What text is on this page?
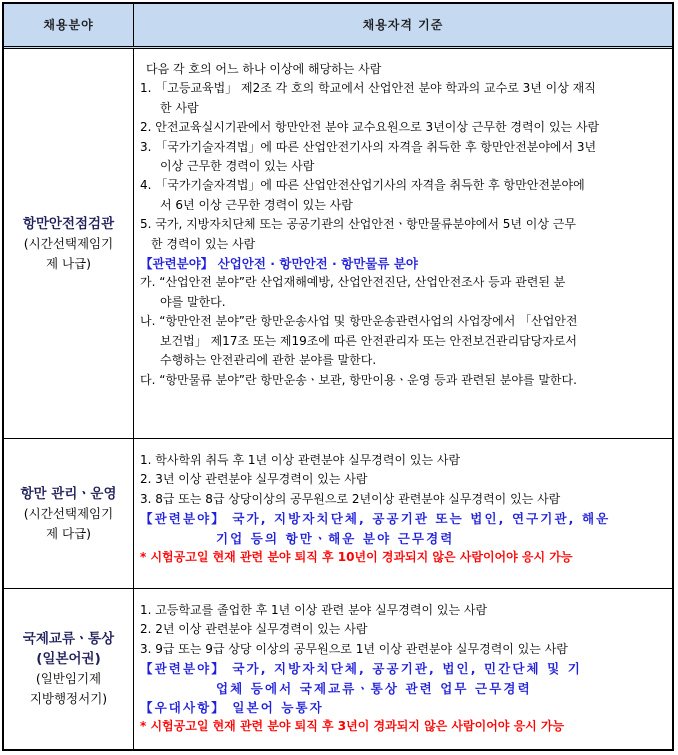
채용분야	채용자격 기준
항만안전점검관
(시간선택제임기
제 나급)
다음 각 호의 어느 하나 이상에 해당하는 사람
1. 「고등교육법」 제2조 각 호의 학교에서 산업안전 분야 학과의 교수로 3년 이상 재직
한 사람
2. 안전교육실시기관에서 항만안전 분야 교수요원으로 3년이상 근무한 경력이 있는 사람
3. 「국가기술자격법」에 따른 산업안전기사의 자격을 취득한 후 항만안전분야에서 3년
이상 근무한 경력이 있는 사람
4. 「국가기술자격법」에 따른 산업안전산업기사의 자격을 취득한 후 항만안전분야에
서 6년 이상 근무한 경력이 있는 사람
5. 국가, 지방자치단체 또는 공공기관의 산업안전ㆍ항만물류분야에서 5년 이상 근무
한 경력이 있는 사람
【관련분야】 산업안전 · 항만안전 · 항만물류 분야
가. “산업안전 분야”란 산업재해예방, 산업안전진단, 산업안전조사 등과 관련된 분
야를 말한다.
나. “항만안전 분야”란 항만운송사업 및 항만운송관련사업의 사업장에서 「산업안전
보건법」 제17조 또는 제19조에 따른 안전관리자 또는 안전보건관리담당자로서
수행하는 안전관리에 관한 분야를 말한다.
다. “항만물류 분야”란 항만운송ㆍ보관, 항만이용ㆍ운영 등과 관련된 분야를 말한다.
항만 관리ㆍ운영
(시간선택제임기
제 다급)
1. 학사학위 취득 후 1년 이상 관련분야 실무경력이 있는 사람
2. 3년 이상 관련분야 실무경력이 있는 사람
3. 8급 또는 8급 상당이상의 공무원으로 2년이상 관련분야 실무경력이 있는 사람
【관련분야】 국가, 지방자치단체, 공공기관 또는 법인, 연구기관, 해운
기업 등의 항만ㆍ해운 분야 근무경력
* 시험공고일 현재 관련 분야 퇴직 후 10년이 경과되지 않은 사람이어야 응시 가능
국제교류ㆍ통상
(일본어권)
(일반임기제
지방행정서기)
1. 고등학교를 졸업한 후 1년 이상 관련 분야 실무경력이 있는 사람
2. 2년 이상 관련분야 실무경력이 있는 사람
3. 9급 또는 9급 상당 이상의 공무원으로 1년 이상 관련분야 실무경력이 있는 사람
【관련분야】 국가, 지방자치단체, 공공기관, 법인, 민간단체 및 기
업체 등에서 국제교류ㆍ통상 관련 업무 근무경력
【우대사항】 일본어 능통자
* 시험공고일 현재 관련 분야 퇴직 후 3년이 경과되지 않은 사람이어야 응시 가능
